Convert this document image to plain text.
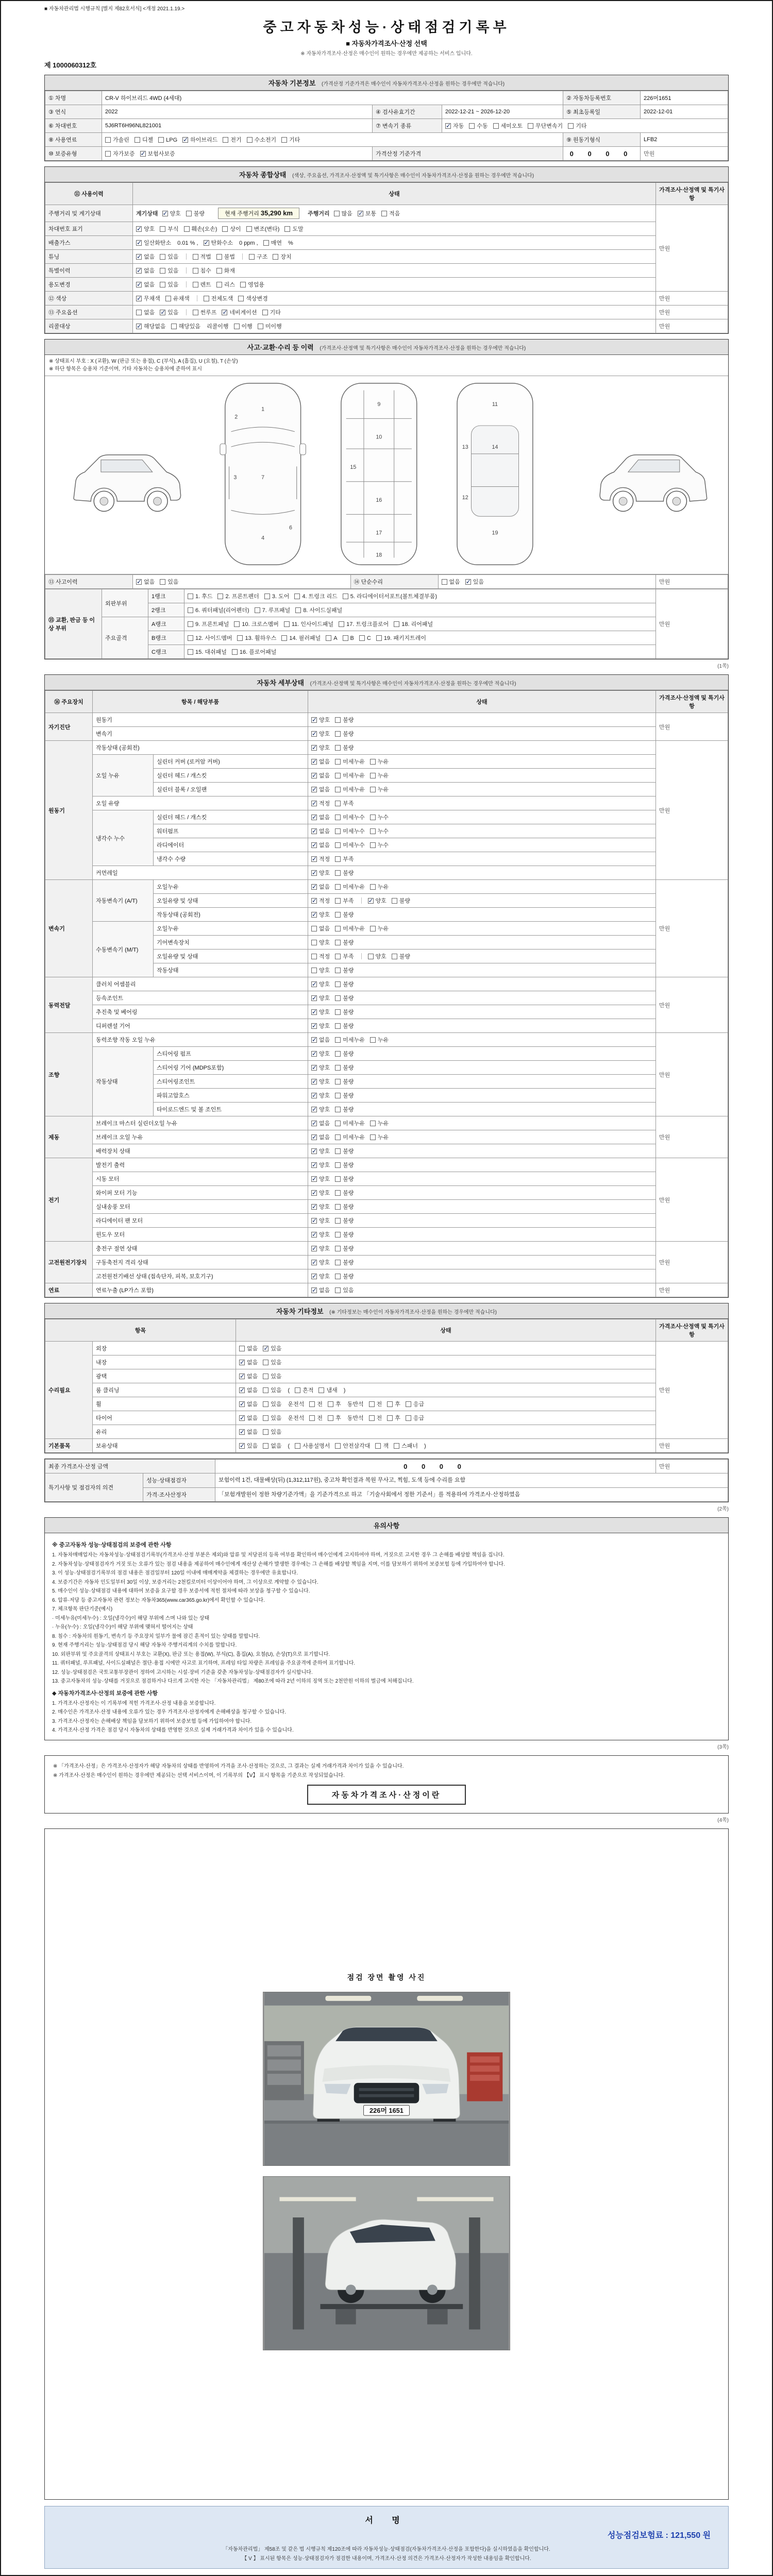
■ 자동차관리법 시행규칙 [별지 제82호서식] <개정 2021.1.19.>
중고자동차성능·상태점검기록부
■ 자동차가격조사·산정 선택
※ 자동차가격조사·산정은 매수인이 원하는 경우에만 제공하는 서비스 입니다.
제 1000060312호
자동차 기본정보 (가격산정 기준가격은 매수인이 자동차가격조사·산정을 원하는 경우에만 적습니다)
① 차명	CR-V 하이브리드 4WD (4세대)			② 자동차등록번호	226머1651
③ 연식	2022	④ 검사유효기간	2022-12-21 ~ 2026-12-20	⑤ 최초등록일	2022-12-01
⑥ 차대번호	5J6RT6H96NL821001	⑦ 변속기 종류	✓자동 수동 세미오토 무단변속기 기타
⑧ 사용연료	가솔린 디젤 LPG ✓ 하이브리드 전기 수소전기 기타			⑨ 원동기형식	LFB2
⑩ 보증유형	자가보증 ✓ 보험사보증	가격산정 기준가격		0 0 0 0	만원
자동차 종합상태 (색상, 주요옵션, 가격조사·산정액 및 특기사항은 매수인이 자동차가격조사·산정을 원하는 경우에만 적습니다)
⑪ 사용이력	상태	가격조사·산정액 및 특기사항
주행거리 및 계기상태	계기상태 ✓ 양호 불량 현재 주행거리 35,290 km 주행거리 많음 ✓ 보통 적음	만원
차대번호 표기	✓양호 부식 훼손(오손) 상이 변조(변타) 도말
배출가스	✓일산화탄소 0.01 % , ✓ 탄화수소 0 ppm , 매연 %
튜닝	✓없음 있음 적법 불법 구조 장치
특별이력	✓없음 있음 침수 화재
용도변경	✓없음 있음 렌트 리스 영업용
⑫ 색상	✓무채색 유채색 전체도색 색상변경	만원
⑬ 주요옵션	없음 ✓ 있음 썬루프 ✓ 네비게이션 기타	만원
리콜대상	✓해당없음 해당있음 리콜이행 이행 미이행	만원
사고·교환·수리 등 이력 (가격조사·산정액 및 특기사항은 매수인이 자동차가격조사·산정을 원하는 경우에만 적습니다)
※ 상태표시 부호 : X (교환), W (판금 또는 용접), C (부식), A (흠집), U (요철), T (손상)
※ 하단 항목은 승용차 기준이며, 기타 자동차는 승용차에 준하여 표시
1
2
3	7
4
6
9
10
15
16
17
18
11
13	14
12
19
⑬ 사고이력	✓없음 있음	⑭ 단순수리	없음 ✓ 있음	만원
⑮ 교환, 판금 등 이상 부위	외판부위	1랭크	1. 후드 2. 프론트펜더 3. 도어 4. 트렁크 리드 5. 라디에이터서포트(볼트체결부품)	만원
		2랭크	6. 쿼터패널(리어펜더) 7. 루프패널 8. 사이드실패널	
	주요골격	A랭크	9. 프론트패널 10. 크로스멤버 11. 인사이드패널 17. 트렁크플로어 18. 리어패널	
		B랭크	12. 사이드멤버 13. 휠하우스 14. 필러패널 A B C 19. 패키지트레이	
		C랭크	15. 대쉬패널 16. 플로어패널	
(1쪽)
자동차 세부상태 (가격조사·산정액 및 특기사항은 매수인이 자동차가격조사·산정을 원하는 경우에만 적습니다)
⑯ 주요장치	항목 / 해당부품		상태	가격조사·산정액 및 특기사항
자기진단	원동기	✓양호 불량	만원
	변속기	✓양호 불량
원동기	작동상태 (공회전)	✓양호 불량	만원
	오일 누유	실린더 커버 (로커암 커버)	✓없음 미세누유 누유
		실린더 헤드 / 개스킷	✓없음 미세누유 누유
		실린더 블록 / 오일팬	✓없음 미세누유 누유
	오일 유량	✓적정 부족
	냉각수 누수	실린더 헤드 / 개스킷	✓없음 미세누수 누수
		워터펌프	✓없음 미세누수 누수
		라디에이터	✓없음 미세누수 누수
		냉각수 수량	✓적정 부족
	커먼레일	✓양호 불량
변속기	자동변속기 (A/T)	오일누유	✓없음 미세누유 누유	만원
		오일유량 및 상태	✓적정 부족 ✓ 양호 불량
		작동상태 (공회전)	✓양호 불량
	수동변속기 (M/T)	오일누유	없음 미세누유 누유	
		기어변속장치	양호 불량	
		오일유량 및 상태	적정 부족 양호 불량	
		작동상태	양호 불량	
동력전달	클러치 어셈블리	✓양호 불량	만원
	등속조인트	✓양호 불량
	추진축 및 베어링	✓양호 불량
	디퍼렌셜 기어	✓양호 불량
조향	동력조향 작동 오일 누유	✓없음 미세누유 누유	만원
	작동상태	스티어링 펌프	✓양호 불량
		스티어링 기어 (MDPS포함)	✓양호 불량
		스티어링조인트	✓양호 불량
		파워고압호스	✓양호 불량
		타이로드엔드 및 볼 조인트	✓양호 불량
제동	브레이크 마스터 실린더오일 누유	✓없음 미세누유 누유	만원
	브레이크 오일 누유	✓없음 미세누유 누유
	배력장치 상태	✓양호 불량
전기	발전기 출력	✓양호 불량	만원
	시동 모터	✓양호 불량
	와이퍼 모터 기능	✓양호 불량
	실내송풍 모터	✓양호 불량
	라디에이터 팬 모터	✓양호 불량
	윈도우 모터	✓양호 불량
고전원전기장치	충전구 절연 상태	✓양호 불량	만원
	구동축전지 격리 상태	✓양호 불량
	고전원전기배선 상태 (접속단자, 피복, 보호기구)	✓양호 불량
연료	연료누출 (LP가스 포함)	✓없음 있음	만원
자동차 기타정보 (※ 기타정보는 매수인이 자동차가격조사·산정을 원하는 경우에만 적습니다)
항목		상태	가격조사·산정액 및 특기사항
수리필요	외장	없음 ✓ 있음	만원
	내장	✓없음 있음
	광택	✓없음 있음
	룸 클리닝	✓없음 있음 ( 흔적 냄새 )
	휠	✓없음 있음 운전석 전 후 동반석 전 후 응급
	타이어	✓없음 있음 운전석 전 후 동반석 전 후 응급
	유리	✓없음 있음
기본품목	보유상태	✓있음 없음 ( 사용설명서 안전삼각대 잭 스패너 )	만원
최종 가격조사·산정 금액		0 0 0 0	만원
특기사항 및 점검자의 의견	성능·상태점검자	보험이력 1건, 대물배상(뒤) (1,312,117원), 중고차 확인결과 복원 무사고, 찍힘, 도색 등에 수리를 요함	
	가격·조사산정자	「보험개발원이 정한 차량기준가액」을 기준가격으로 하고 「기술사회에서 정한 기준서」를 적용하여 가격조사·산정하였음	
(2쪽)
유의사항
※ 중고자동차 성능·상태점검의 보증에 관한 사항
1. 자동차매매업자는 자동차성능·상태점검기록부(가격조사·산정 부분은 제외)와 압류 및 저당권의 등록 여부를 확인하여 매수인에게 고지하여야 하며, 거짓으로 고지한 경우 그 손해를 배상할 책임을 집니다.
2. 자동차성능·상태점검자가 거짓 또는 오류가 있는 점검 내용을 제공하여 매수인에게 재산상 손해가 발생한 경우에는 그 손해를 배상할 책임을 지며, 이를 담보하기 위하여 보증보험 등에 가입하여야 합니다.
3. 이 성능·상태점검기록부의 점검 내용은 점검일부터 120일 이내에 매매계약을 체결하는 경우에만 유효합니다.
4. 보증기간은 자동차 인도일부터 30일 이상, 보증거리는 2천킬로미터 이상이어야 하며, 그 이상으로 계약할 수 있습니다.
5. 매수인이 성능·상태점검 내용에 대하여 보증을 요구할 경우 보증서에 적힌 절차에 따라 보상을 청구할 수 있습니다.
6. 압류·저당 등 중고자동차 관련 정보는 자동차365(www.car365.go.kr)에서 확인할 수 있습니다.
7. 체크항목 판단기준(예시)
· 미세누유(미세누수) : 오일(냉각수)이 해당 부위에 스며 나와 있는 상태
· 누유(누수) : 오일(냉각수)이 해당 부위에 맺혀서 떨어지는 상태
8. 침수 : 자동차의 원동기, 변속기 등 주요장치 일부가 물에 잠긴 흔적이 있는 상태를 말합니다.
9. 현재 주행거리는 성능·상태점검 당시 해당 자동차 주행거리계의 수치를 말합니다.
10. 외판부위 및 주요골격의 상태표시 부호는 교환(X), 판금 또는 용접(W), 부식(C), 흠집(A), 요철(U), 손상(T)으로 표기합니다.
11. 쿼터패널, 루프패널, 사이드실패널은 절단·용접 시에만 사고로 표기하며, 프레임 타입 차량은 프레임을 주요골격에 준하여 표기합니다.
12. 성능·상태점검은 국토교통부장관이 정하여 고시하는 시설·장비 기준을 갖춘 자동차성능·상태점검자가 실시합니다.
13. 중고자동차의 성능·상태를 거짓으로 점검하거나 다르게 고지한 자는 「자동차관리법」 제80조에 따라 2년 이하의 징역 또는 2천만원 이하의 벌금에 처해집니다.
◆ 자동차가격조사·산정의 보증에 관한 사항
1. 가격조사·산정자는 이 기록부에 적힌 가격조사·산정 내용을 보증합니다.
2. 매수인은 가격조사·산정 내용에 오류가 있는 경우 가격조사·산정자에게 손해배상을 청구할 수 있습니다.
3. 가격조사·산정자는 손해배상 책임을 담보하기 위하여 보증보험 등에 가입하여야 합니다.
4. 가격조사·산정 가격은 점검 당시 자동차의 상태를 반영한 것으로 실제 거래가격과 차이가 있을 수 있습니다.
(3쪽)
※ 「가격조사·산정」은 가격조사·산정자가 해당 자동차의 상태를 반영하여 가격을 조사·산정하는 것으로, 그 결과는 실제 거래가격과 차이가 있을 수 있습니다.
※ 가격조사·산정은 매수인이 원하는 경우에만 제공되는 선택 서비스이며, 이 기록부의 【V】 표시 항목을 기준으로 작성되었습니다.
자동차가격조사·산정이란
(4쪽)
점검 장면 촬영 사진
226머 1651
서 명
성능점검보험료 : 121,550 원
「자동차관리법」 제58조 및 같은 법 시행규칙 제120조에 따라 자동차성능·상태점검(자동차가격조사·산정을 포함한다)을 실시하였음을 확인합니다.
【 V 】 표시된 항목은 성능·상태점검자가 점검한 내용이며, 가격조사·산정 의견은 가격조사·산정자가 작성한 내용임을 확인합니다.
